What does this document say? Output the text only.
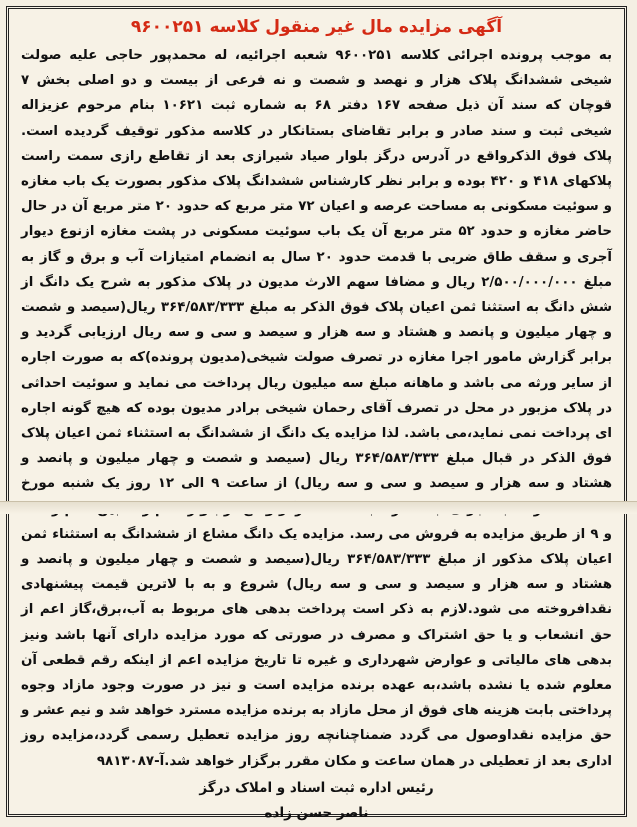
آگهی مزایده مال غیر منقول کلاسه ۹۶۰۰۲۵۱

به موجب پرونده اجرائی کلاسه ۹۶۰۰۲۵۱ شعبه اجرائیه، له محمدپور حاجی علیه صولت شیخی ششدانگ پلاک هزار و نهصد و شصت و نه فرعی از بیست و دو اصلی بخش ۷ قوچان که سند آن ذیل صفحه ۱۶۷ دفتر ۶۸ به شماره ثبت ۱۰۶۲۱ بنام مرحوم عزیزاله شیخی ثبت و سند صادر و برابر تقاضای بستانکار در کلاسه مذکور توقیف گردیده است. پلاک فوق الذکرواقع در آدرس درگز بلوار صیاد شیرازی بعد از تقاطع رازی سمت راست پلاکهای ۴۱۸ و ۴۲۰ بوده و برابر نظر کارشناس ششدانگ پلاک مذکور بصورت یک باب مغازه و سوئیت مسکونی به مساحت عرصه و اعیان ۷۲ متر مربع که حدود ۲۰ متر مربع آن در حال حاضر مغازه و حدود ۵۲ متر مربع آن یک باب سوئیت مسکونی در پشت مغازه ازنوع دیوار آجری و سقف طاق ضربی با قدمت حدود ۲۰ سال به انضمام امتیازات آب و برق و گاز به مبلغ ۲/۵۰۰/۰۰۰/۰۰۰ ریال و مضافا سهم الارث مدیون در پلاک مذکور به شرح یک دانگ از شش دانگ به استثنا ثمن اعیان پلاک فوق الذکر به مبلغ ۳۶۴/۵۸۳/۳۳۳ ریال(سیصد و شصت و چهار میلیون و پانصد و هشتاد و سه هزار و سیصد و سی و سه ریال ارزیابی گردید و برابر گزارش مامور اجرا مغازه در تصرف صولت شیخی(مدیون پرونده)که به صورت اجاره از سایر ورثه می باشد و ماهانه مبلغ سه میلیون ریال پرداخت می نماید و سوئیت احداثی در پلاک مزبور در محل در تصرف آقای رحمان شیخی برادر مدیون بوده که هیچ گونه اجاره ای پرداخت نمی نماید،می باشد. لذا مزایده یک دانگ از ششدانگ به استثناء ثمن اعیان پلاک فوق الذکر در قبال مبلغ ۳۶۴/۵۸۳/۳۳۳ ریال (سیصد و شصت و چهار میلیون و پانصد و هشتاد و سه هزار و سیصد و سی و سه ریال) از ساعت ۹ الی ۱۲ روز یک شنبه مورخ و ۹ از طریق مزایده به فروش می رسد. مزایده یک دانگ مشاع از ششدانگ به استثناء ثمن اعیان پلاک مذکور از مبلغ ۳۶۴/۵۸۳/۳۳۳ ریال(سیصد و شصت و چهار میلیون و پانصد و هشتاد و سه هزار و سیصد و سی و سه ریال) شروع و به با لاترین قیمت پیشنهادی نقدافروخته می شود.لازم به ذکر است پرداخت بدهی های مربوط به آب،برق،گاز اعم از حق انشعاب و یا حق اشتراک و مصرف در صورتی که مورد مزایده دارای آنها باشد ونیز بدهی های مالیاتی و عوارض شهرداری و غیره تا تاریخ مزایده اعم از اینکه رقم قطعی آن معلوم شده یا نشده باشد،به عهده برنده مزایده است و نیز در صورت وجود مازاد وجوه پرداختی بابت هزینه های فوق از محل مازاد به برنده مزایده مسترد خواهد شد و نیم عشر و حق مزایده نقداوصول می گردد ضمناچنانچه روز مزایده تعطیل رسمی گردد،مزایده روز اداری بعد از تعطیلی در همان ساعت و مکان مقرر برگزار خواهد شد.آ-۹۸۱۳۰۸۷

رئیس اداره ثبت اسناد و املاک درگز
ناصر حسن زاده
